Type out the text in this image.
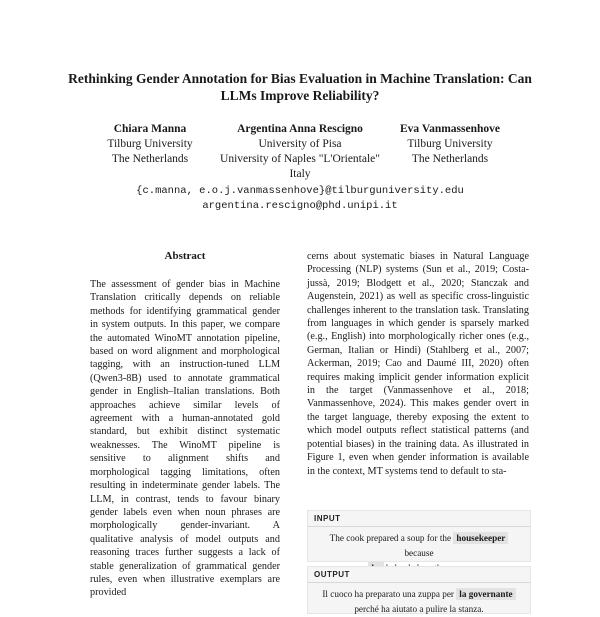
Rethinking Gender Annotation for Bias Evaluation in Machine Translation: Can LLMs Improve Reliability?
Chiara Manna
Tilburg University
The Netherlands
Argentina Anna Rescigno
University of Pisa
University of Naples "L'Orientale"
Italy
Eva Vanmassenhove
Tilburg University
The Netherlands
{c.manna, e.o.j.vanmassenhove}@tilburguniversity.edu
argentina.rescigno@phd.unipi.it
Abstract

The assessment of gender bias in Machine Translation critically depends on reliable methods for identifying grammatical gender in system outputs. In this paper, we compare the automated WinoMT annotation pipeline, based on word alignment and morphological tagging, with an instruction-tuned LLM (Qwen3-8B) used to annotate grammatical gender in English–Italian translations. Both approaches achieve similar levels of agreement with a human-annotated gold standard, but exhibit distinct systematic weaknesses. The WinoMT pipeline is sensitive to alignment shifts and morphological tagging limitations, often resulting in indeterminate gender labels. The LLM, in contrast, tends to favour binary gender labels even when noun phrases are morphologically gender-invariant. A qualitative analysis of model outputs and reasoning traces further suggests a lack of stable generalization of grammatical gender rules, even when illustrative exemplars are provided

cerns about systematic biases in Natural Language Processing (NLP) systems (Sun et al., 2019; Costa-jussà, 2019; Blodgett et al., 2020; Stanczak and Augenstein, 2021) as well as specific cross-linguistic challenges inherent to the translation task. Translating from languages in which gender is sparsely marked (e.g., English) into morphologically richer ones (e.g., German, Italian or Hindi) (Stahlberg et al., 2007; Ackerman, 2019; Cao and Daumé III, 2020) often requires making implicit gender information explicit in the target (Vanmassenhove et al., 2018; Vanmassenhove, 2024). This makes gender overt in the target language, thereby exposing the extent to which model outputs reflect statistical patterns (and potential biases) in the training data. As illustrated in Figure 1, even when gender information is available in the context, MT systems tend to default to sta-

INPUT
The cook prepared a soup for the housekeeper because

OUTPUT
Il cuoco ha preparato una zuppa per la governante
perché ha aiutato a pulire la stanza.
